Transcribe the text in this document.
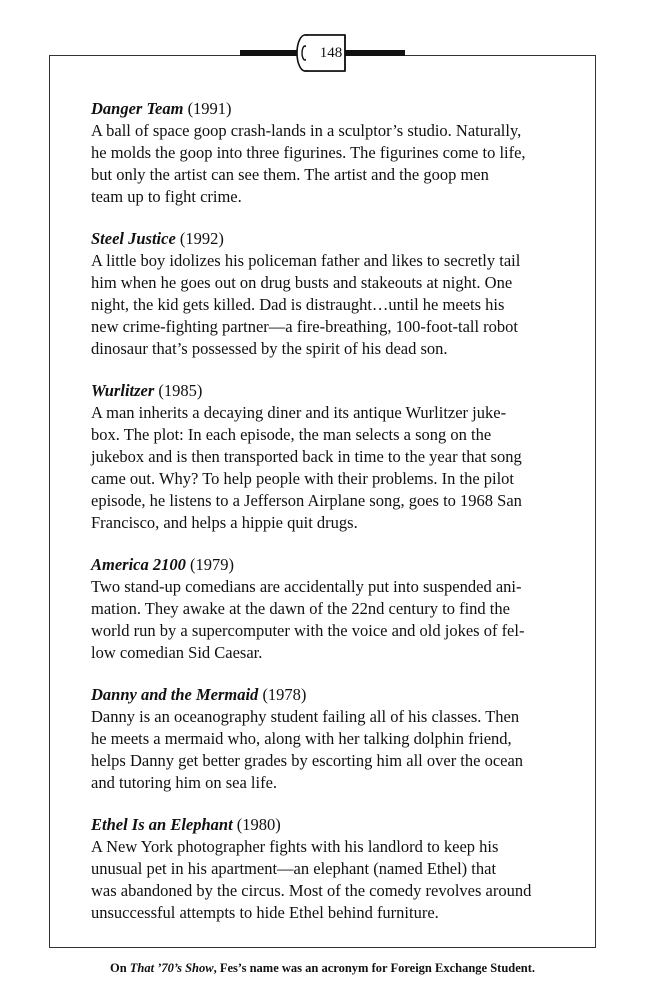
148

Danger Team (1991)

A ball of space goop crash-lands in a sculptor’s studio. Naturally,
he molds the goop into three figurines. The figurines come to life,
but only the artist can see them. The artist and the goop men
team up to fight crime.

Steel Justice (1992)

A little boy idolizes his policeman father and likes to secretly tail
him when he goes out on drug busts and stakeouts at night. One
night, the kid gets killed. Dad is distraught…until he meets his
new crime-fighting partner—a fire-breathing, 100-foot-tall robot
dinosaur that’s possessed by the spirit of his dead son.

Wurlitzer (1985)

A man inherits a decaying diner and its antique Wurlitzer juke-
box. The plot: In each episode, the man selects a song on the
jukebox and is then transported back in time to the year that song
came out. Why? To help people with their problems. In the pilot
episode, he listens to a Jefferson Airplane song, goes to 1968 San
Francisco, and helps a hippie quit drugs.

America 2100 (1979)

Two stand-up comedians are accidentally put into suspended ani-
mation. They awake at the dawn of the 22nd century to find the
world run by a supercomputer with the voice and old jokes of fel-
low comedian Sid Caesar.

Danny and the Mermaid (1978)

Danny is an oceanography student failing all of his classes. Then
he meets a mermaid who, along with her talking dolphin friend,
helps Danny get better grades by escorting him all over the ocean
and tutoring him on sea life.

Ethel Is an Elephant (1980)

A New York photographer fights with his landlord to keep his
unusual pet in his apartment—an elephant (named Ethel) that
was abandoned by the circus. Most of the comedy revolves around
unsuccessful attempts to hide Ethel behind furniture.

On That ’70’s Show, Fes’s name was an acronym for Foreign Exchange Student.
